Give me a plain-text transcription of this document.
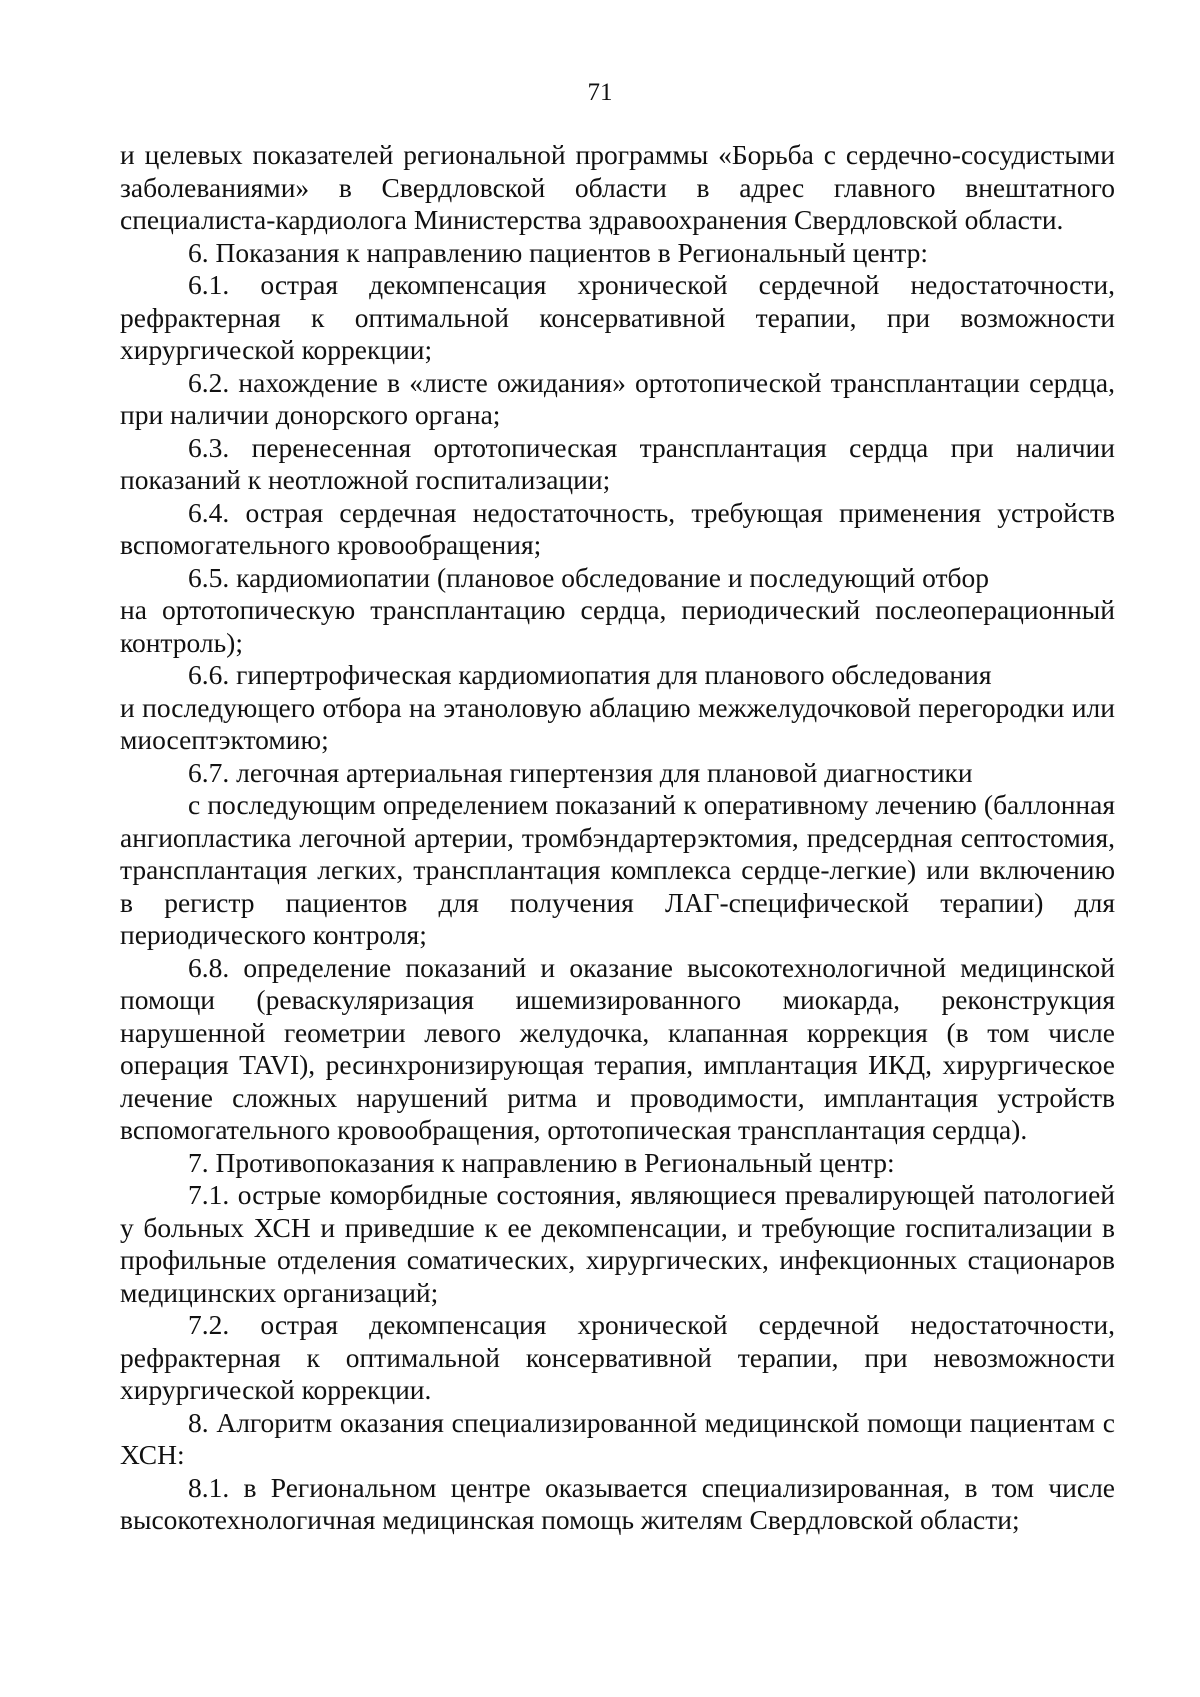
71

и целевых показателей региональной программы «Борьба с сердечно-сосудистыми заболеваниями» в Свердловской области в адрес главного внештатного специалиста-кардиолога Министерства здравоохранения Свердловской области.

6. Показания к направлению пациентов в Региональный центр:

6.1. острая декомпенсация хронической сердечной недостаточности, рефрактерная к оптимальной консервативной терапии, при возможности хирургической коррекции;

6.2. нахождение в «листе ожидания» ортотопической трансплантации сердца, при наличии донорского органа;

6.3. перенесенная ортотопическая трансплантация сердца при наличии показаний к неотложной госпитализации;

6.4. острая сердечная недостаточность, требующая применения устройств вспомогательного кровообращения;

6.5. кардиомиопатии (плановое обследование и последующий отбор

на ортотопическую трансплантацию сердца, периодический послеоперационный контроль);

6.6. гипертрофическая кардиомиопатия для планового обследования

и последующего отбора на этаноловую аблацию межжелудочковой перегородки или миосептэктомию;

6.7. легочная артериальная гипертензия для плановой диагностики

с последующим определением показаний к оперативному лечению (баллонная ангиопластика легочной артерии, тромбэндартерэктомия, предсердная септостомия, трансплантация легких, трансплантация комплекса сердце-легкие) или включению в регистр пациентов для получения ЛАГ-специфической терапии) для периодического контроля;

6.8. определение показаний и оказание высокотехнологичной медицинской помощи (реваскуляризация ишемизированного миокарда, реконструкция нарушенной геометрии левого желудочка, клапанная коррекция (в том числе операция TAVI), ресинхронизирующая терапия, имплантация ИКД, хирургическое лечение сложных нарушений ритма и проводимости, имплантация устройств вспомогательного кровообращения, ортотопическая трансплантация сердца).

7. Противопоказания к направлению в Региональный центр:

7.1. острые коморбидные состояния, являющиеся превалирующей патологией у больных ХСН и приведшие к ее декомпенсации, и требующие госпитализации в профильные отделения соматических, хирургических, инфекционных стационаров медицинских организаций;

7.2. острая декомпенсация хронической сердечной недостаточности, рефрактерная к оптимальной консервативной терапии, при невозможности хирургической коррекции.

8. Алгоритм оказания специализированной медицинской помощи пациентам с ХСН:

8.1. в Региональном центре оказывается специализированная, в том числе высокотехнологичная медицинская помощь жителям Свердловской области;
